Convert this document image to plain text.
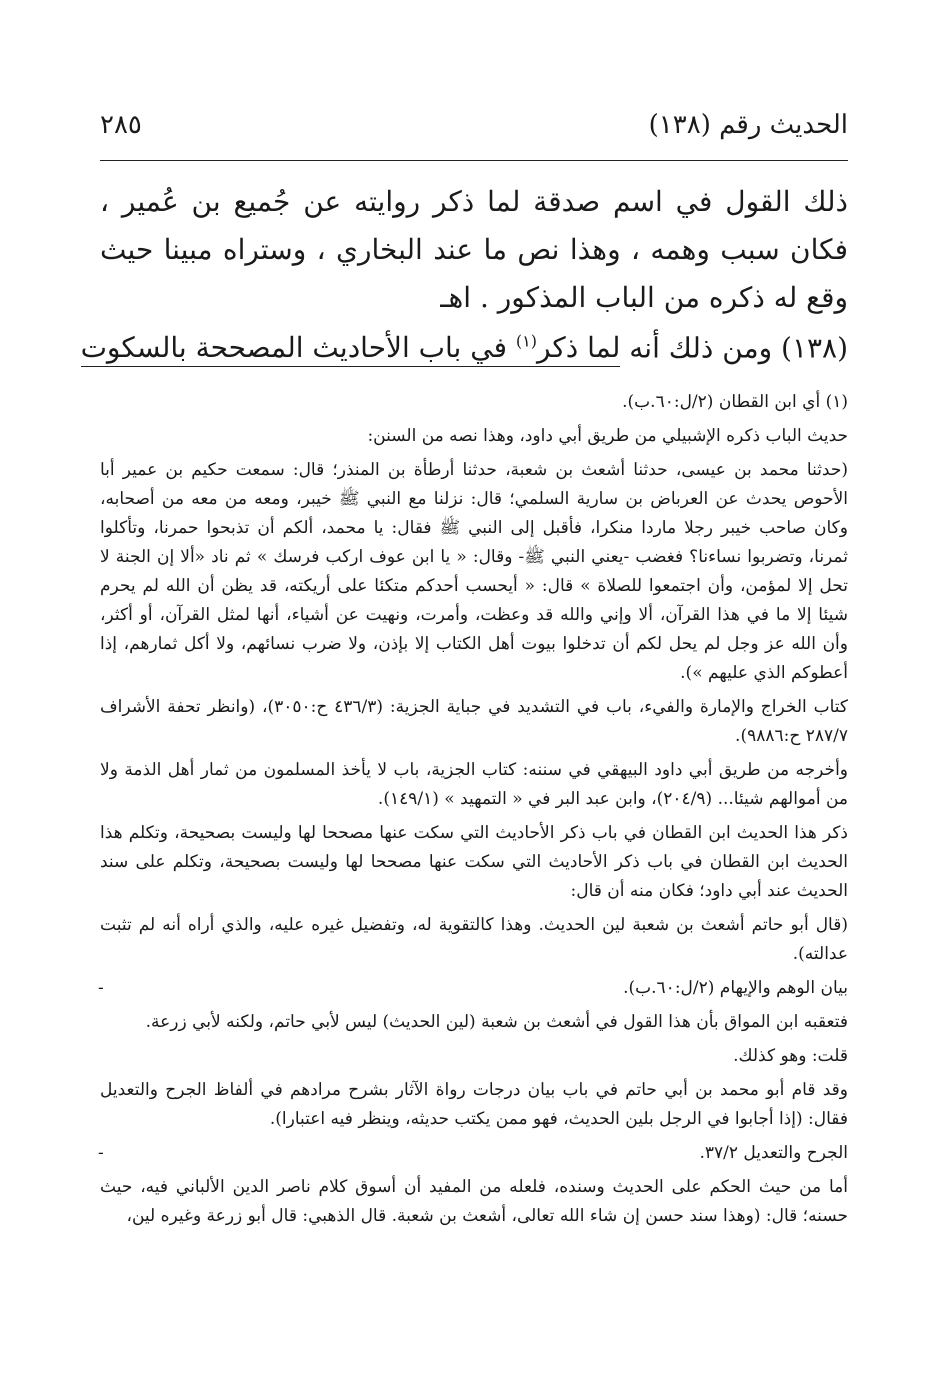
الحديث رقم (١٣٨)
٢٨٥

ذلك القول في اسم صدقة لما ذكر روايته عن جُميع بن عُمير ، فكان سبب وهمه ، وهذا نص ما عند البخاري ، وستراه مبينا حيث وقع له ذكره من الباب المذكور . اهـ

(١٣٨) ومن ذلك أنه لما ذكر$^{(١)}$ في باب الأحاديث المصححة بالسكوت

(١) أي ابن القطان (٢/ل:٦٠.ب).

حديث الباب ذكره الإشبيلي من طريق أبي داود، وهذا نصه من السنن:

(حدثنا محمد بن عيسى، حدثنا أشعث بن شعبة، حدثنا أرطأة بن المنذر؛ قال: سمعت حكيم بن عمير أبا الأحوص يحدث عن العرباض بن سارية السلمي؛ قال: نزلنا مع النبي ﷺ خيبر، ومعه من معه من أصحابه، وكان صاحب خيبر رجلا ماردا منكرا، فأقبل إلى النبي ﷺ فقال: يا محمد، ألكم أن تذبحوا حمرنا، وتأكلوا ثمرنا، وتضربوا نساءنا؟ فغضب -يعني النبي ﷺ- وقال: « يا ابن عوف اركب فرسك » ثم ناد «ألا إن الجنة لا تحل إلا لمؤمن، وأن اجتمعوا للصلاة » قال: « أيحسب أحدكم متكئا على أريكته، قد يظن أن الله لم يحرم شيئا إلا ما في هذا القرآن، ألا وإني والله قد وعظت، وأمرت، ونهيت عن أشياء، أنها لمثل القرآن، أو أكثر، وأن الله عز وجل لم يحل لكم أن تدخلوا بيوت أهل الكتاب إلا بإذن، ولا ضرب نسائهم، ولا أكل ثمارهم، إذا أعطوكم الذي عليهم »).

كتاب الخراج والإمارة والفيء، باب في التشديد في جباية الجزية: (٤٣٦/٣ ح:٣٠٥٠)، (وانظر تحفة الأشراف ٢٨٧/٧ ح:٩٨٨٦).

وأخرجه من طريق أبي داود البيهقي في سننه: كتاب الجزية، باب لا يأخذ المسلمون من ثمار أهل الذمة ولا من أموالهم شيئا... (٢٠٤/٩)، وابن عبد البر في « التمهيد » (١٤٩/١).

ذكر هذا الحديث ابن القطان في باب ذكر الأحاديث التي سكت عنها مصححا لها وليست بصحيحة، وتكلم هذا الحديث ابن القطان في باب ذكر الأحاديث التي سكت عنها مصححا لها وليست بصحيحة، وتكلم على سند الحديث عند أبي داود؛ فكان منه أن قال:

(قال أبو حاتم أشعث بن شعبة لين الحديث. وهذا كالتقوية له، وتفضيل غيره عليه، والذي أراه أنه لم تثبت عدالته).

بيان الوهم والإيهام (٢/ل:٦٠.ب).
-

فتعقبه ابن المواق بأن هذا القول في أشعث بن شعبة (لين الحديث) ليس لأبي حاتم، ولكنه لأبي زرعة.

قلت: وهو كذلك.

وقد قام أبو محمد بن أبي حاتم في باب بيان درجات رواة الآثار بشرح مرادهم في ألفاظ الجرح والتعديل فقال: (إذا أجابوا في الرجل بلين الحديث، فهو ممن يكتب حديثه، وينظر فيه اعتبارا).

الجرح والتعديل ٣٧/٢.
-

أما من حيث الحكم على الحديث وسنده، فلعله من المفيد أن أسوق كلام ناصر الدين الألباني فيه، حيث حسنه؛ قال: (وهذا سند حسن إن شاء الله تعالى، أشعث بن شعبة. قال الذهبي: قال أبو زرعة وغيره لين،
